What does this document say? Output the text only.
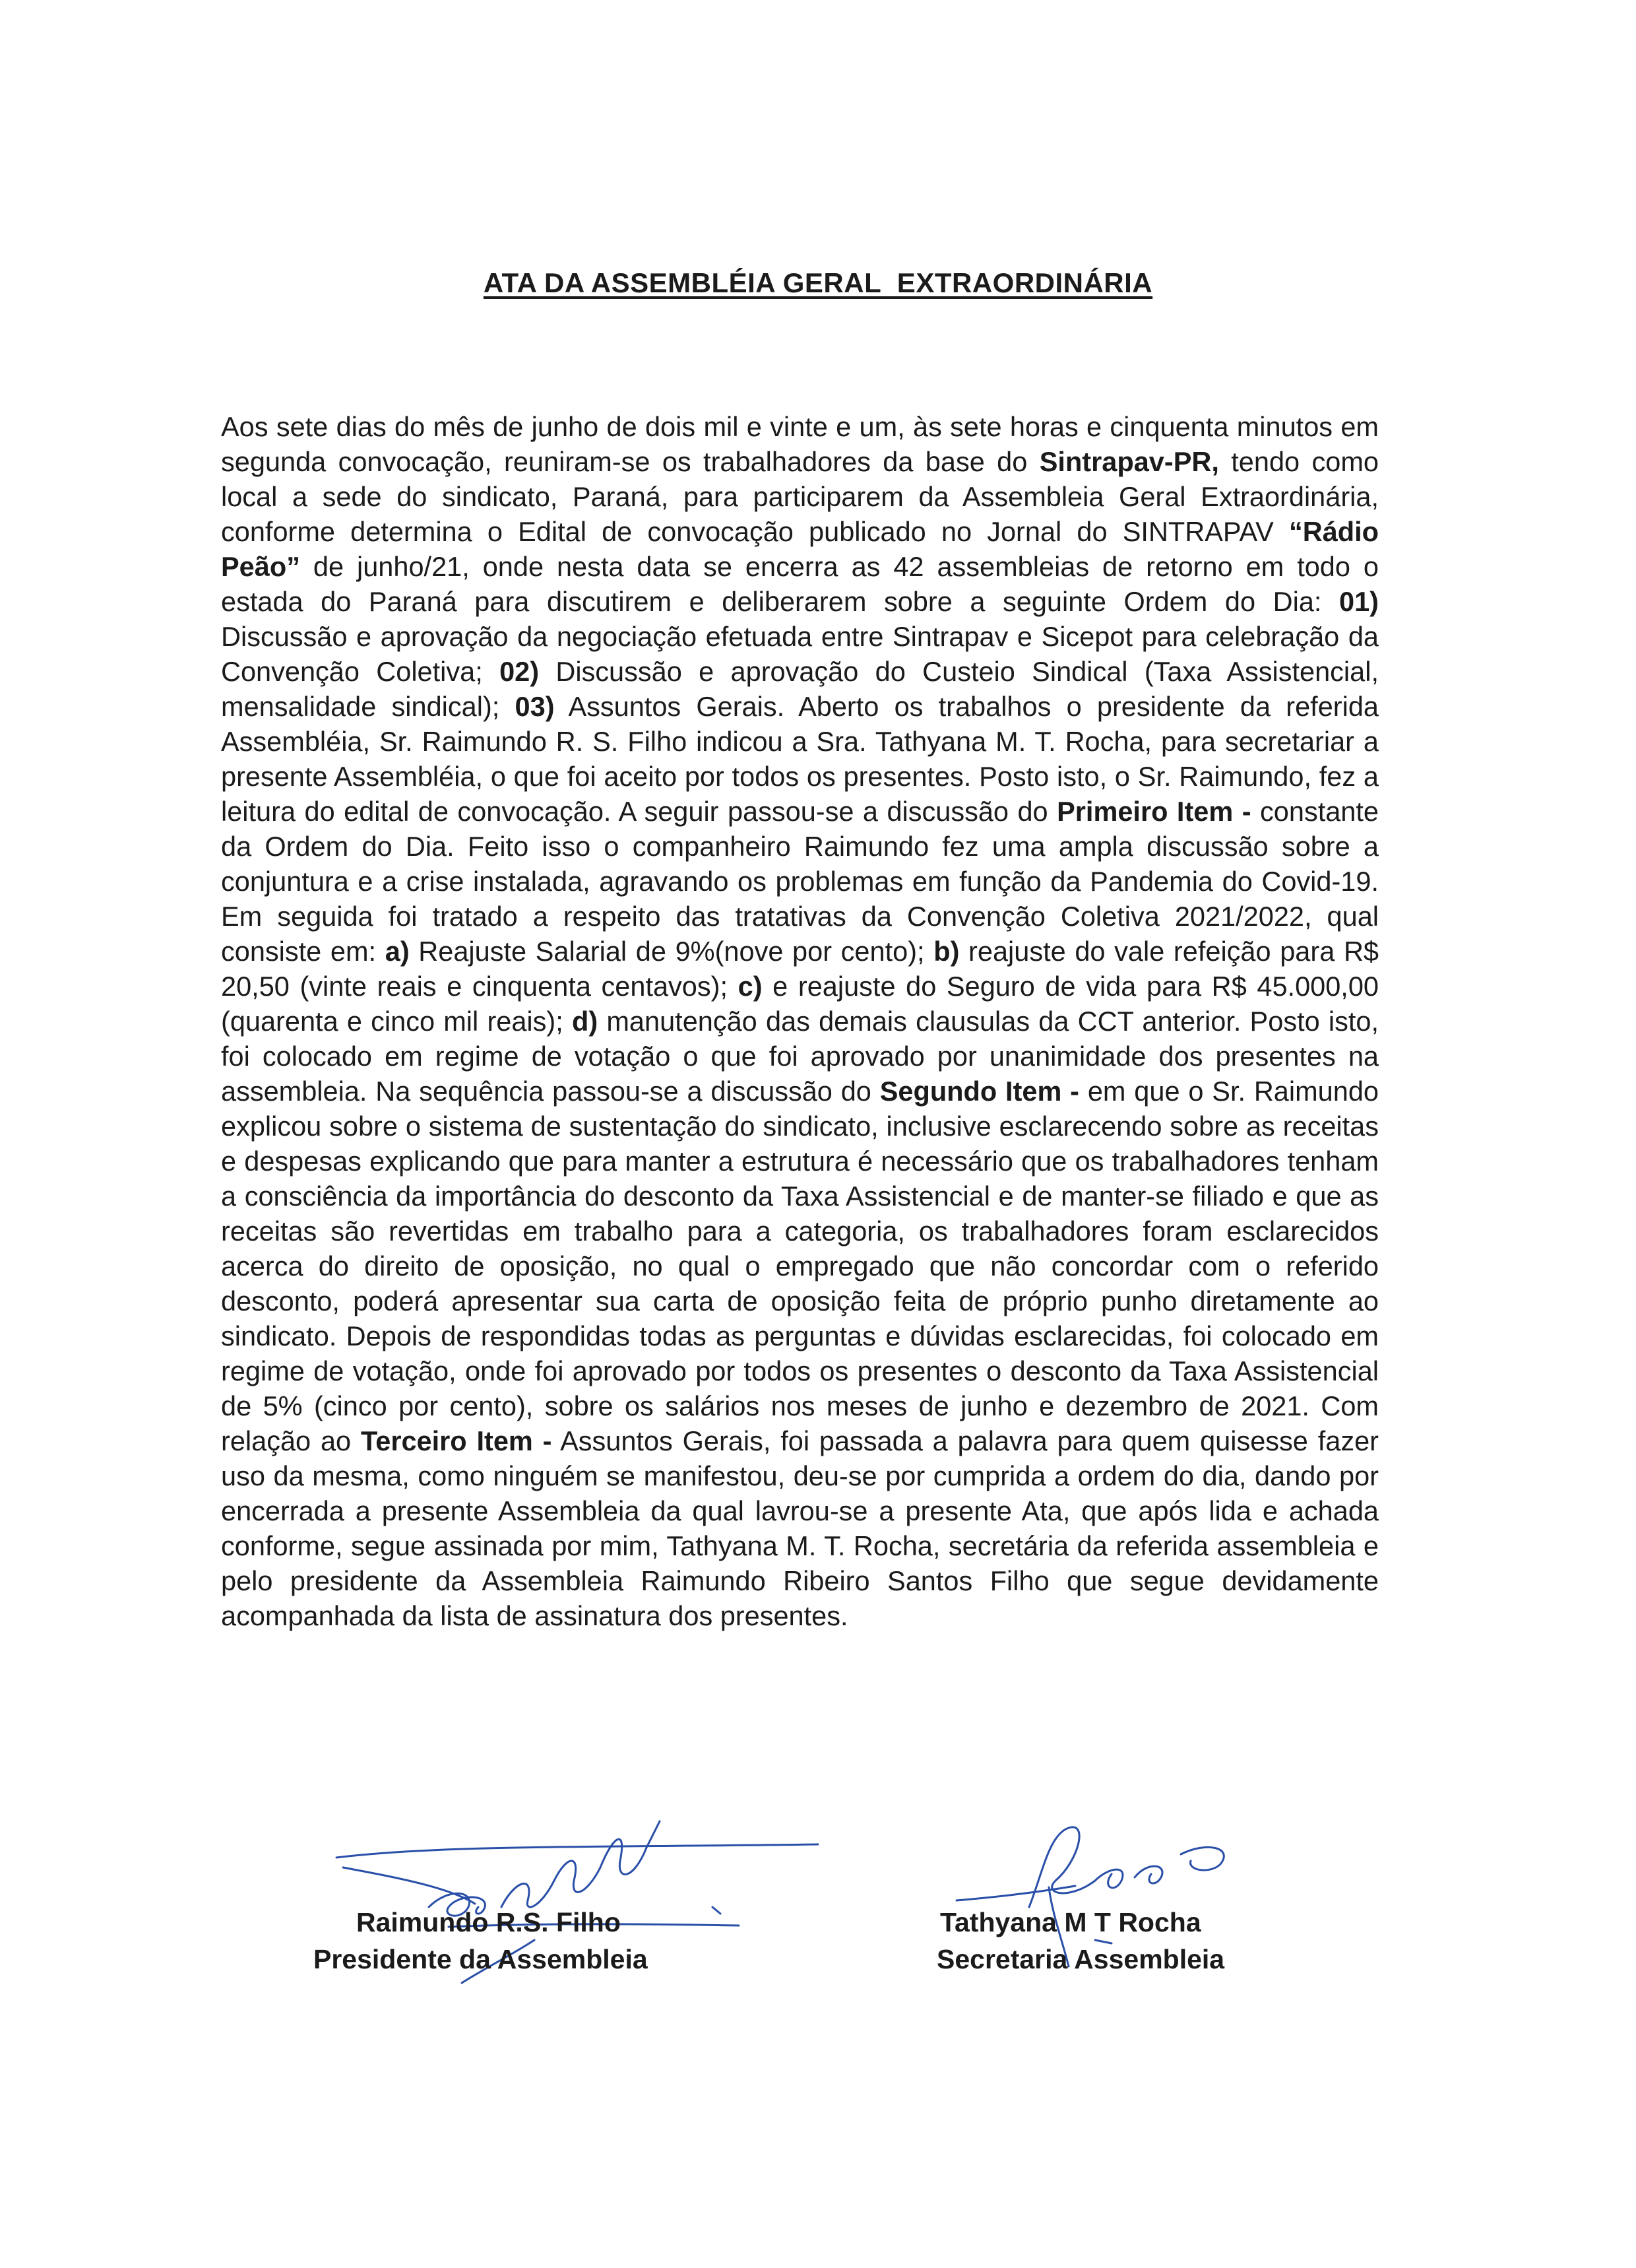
ATA DA ASSEMBLÉIA GERAL  EXTRAORDINÁRIA
Aos sete dias do mês de junho de dois mil e vinte e um, às sete horas e cinquenta minutos em segunda convocação, reuniram-se os trabalhadores da base do Sintrapav-PR, tendo como local a sede do sindicato, Paraná, para participarem da Assembleia Geral Extraordinária, conforme determina o Edital de convocação publicado no Jornal do SINTRAPAV “Rádio Peão” de junho/21, onde nesta data se encerra as 42 assembleias de retorno em todo o estada do Paraná para discutirem e deliberarem sobre a seguinte Ordem do Dia: 01) Discussão e aprovação da negociação efetuada entre Sintrapav e Sicepot para celebração da Convenção Coletiva; 02) Discussão e aprovação do Custeio Sindical (Taxa Assistencial, mensalidade sindical); 03) Assuntos Gerais. Aberto os trabalhos o presidente da referida Assembléia, Sr. Raimundo R. S. Filho indicou a Sra. Tathyana M. T. Rocha, para secretariar a presente Assembléia, o que foi aceito por todos os presentes. Posto isto, o Sr. Raimundo, fez a leitura do edital de convocação. A seguir passou-se a discussão do Primeiro Item - constante da Ordem do Dia. Feito isso o companheiro Raimundo fez uma ampla discussão sobre a conjuntura e a crise instalada, agravando os problemas em função da Pandemia do Covid-19. Em seguida foi tratado a respeito das tratativas da Convenção Coletiva 2021/2022, qual consiste em: a) Reajuste Salarial de 9%(nove por cento); b) reajuste do vale refeição para R$ 20,50 (vinte reais e cinquenta centavos); c) e reajuste do Seguro de vida para R$ 45.000,00 (quarenta e cinco mil reais); d) manutenção das demais clausulas da CCT anterior. Posto isto, foi colocado em regime de votação o que foi aprovado por unanimidade dos presentes na assembleia. Na sequência passou-se a discussão do Segundo Item - em que o Sr. Raimundo explicou sobre o sistema de sustentação do sindicato, inclusive esclarecendo sobre as receitas e despesas explicando que para manter a estrutura é necessário que os trabalhadores tenham a consciência da importância do desconto da Taxa Assistencial e de manter-se filiado e que as receitas são revertidas em trabalho para a categoria, os trabalhadores foram esclarecidos acerca do direito de oposição, no qual o empregado que não concordar com o referido desconto, poderá apresentar sua carta de oposição feita de próprio punho diretamente ao sindicato. Depois de respondidas todas as perguntas e dúvidas esclarecidas, foi colocado em regime de votação, onde foi aprovado por todos os presentes o desconto da Taxa Assistencial de 5% (cinco por cento), sobre os salários nos meses de junho e dezembro de 2021. Com relação ao Terceiro Item - Assuntos Gerais, foi passada a palavra para quem quisesse fazer uso da mesma, como ninguém se manifestou, deu-se por cumprida a ordem do dia, dando por encerrada a presente Assembleia da qual lavrou-se a presente Ata, que após lida e achada conforme, segue assinada por mim, Tathyana M. T. Rocha, secretária da referida assembleia e pelo presidente da Assembleia Raimundo Ribeiro Santos Filho que segue devidamente acompanhada da lista de assinatura dos presentes.
Raimundo R.S. Filho
Presidente da Assembleia
Tathyana M T Rocha
Secretaria Assembleia
